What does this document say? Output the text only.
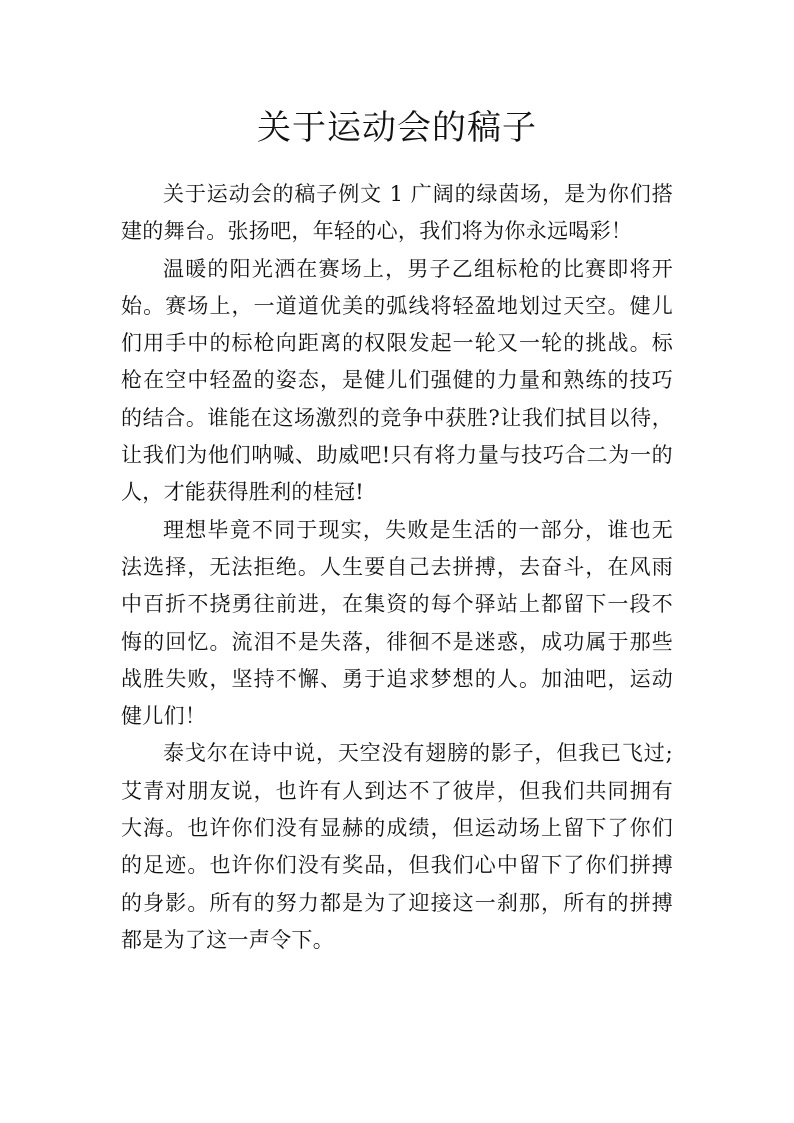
关于运动会的稿子

关于运动会的稿子例文 1 广阔的绿茵场，是为你们搭建的舞台。张扬吧，年轻的心，我们将为你永远喝彩！

温暖的阳光洒在赛场上，男子乙组标枪的比赛即将开始。赛场上，一道道优美的弧线将轻盈地划过天空。健儿们用手中的标枪向距离的权限发起一轮又一轮的挑战。标枪在空中轻盈的姿态，是健儿们强健的力量和熟练的技巧的结合。谁能在这场激烈的竞争中获胜?让我们拭目以待，让我们为他们呐喊、助威吧!只有将力量与技巧合二为一的人，才能获得胜利的桂冠!

理想毕竟不同于现实，失败是生活的一部分，谁也无法选择，无法拒绝。人生要自己去拼搏，去奋斗，在风雨中百折不挠勇往前进，在集资的每个驿站上都留下一段不悔的回忆。流泪不是失落，徘徊不是迷惑，成功属于那些战胜失败，坚持不懈、勇于追求梦想的人。加油吧，运动健儿们！

泰戈尔在诗中说，天空没有翅膀的影子，但我已飞过;艾青对朋友说，也许有人到达不了彼岸，但我们共同拥有大海。也许你们没有显赫的成绩，但运动场上留下了你们的足迹。也许你们没有奖品，但我们心中留下了你们拼搏的身影。所有的努力都是为了迎接这一刹那，所有的拼搏都是为了这一声令下。
